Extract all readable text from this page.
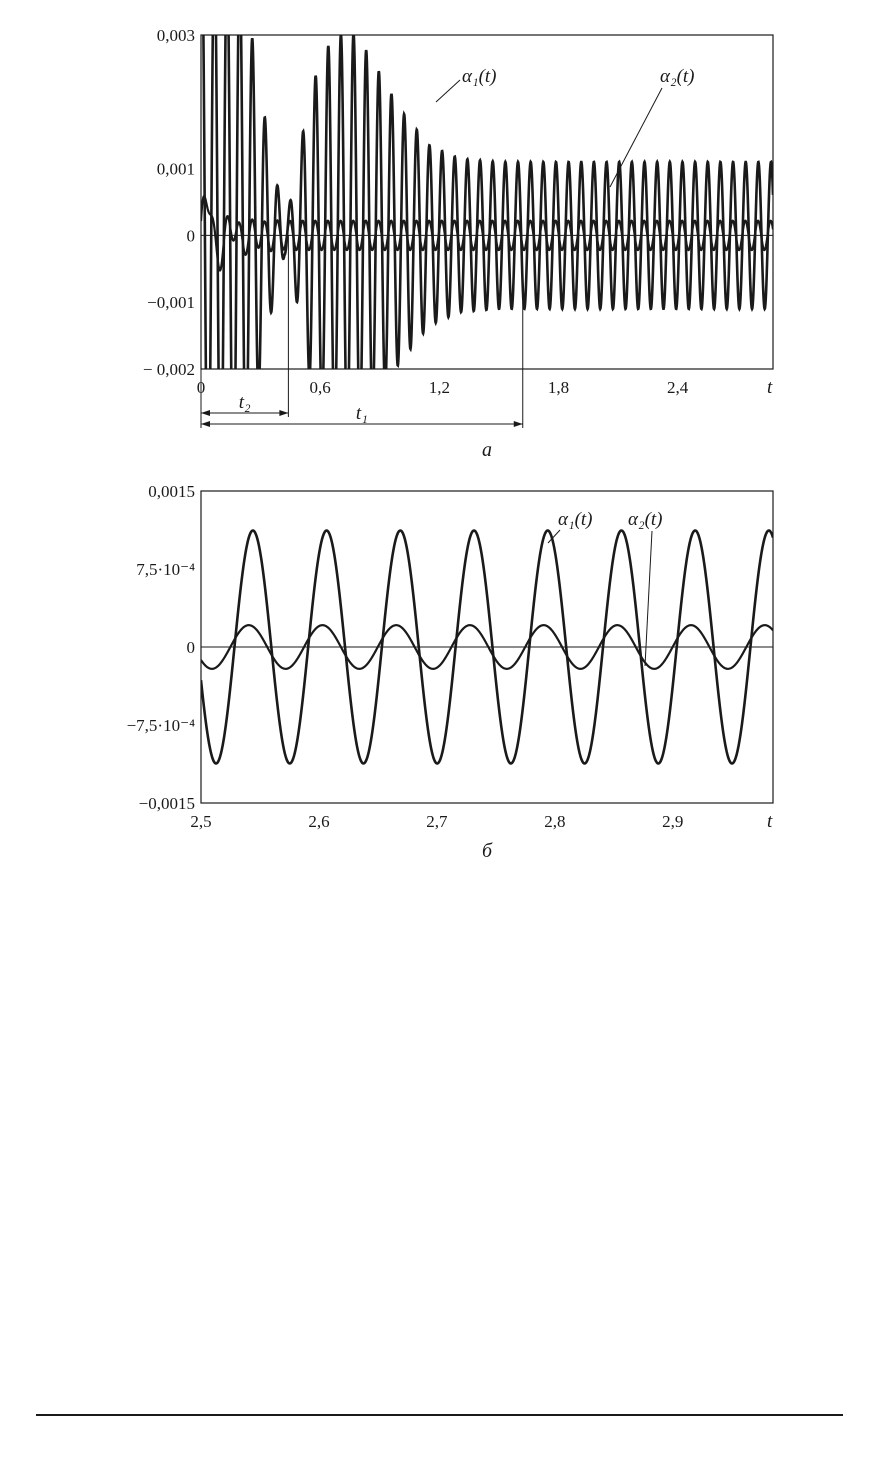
0,003
0,001
0
−0,001
− 0,002
0	0,6	1,2	1,8	2,4
t₂
t₁
α₁(t)	α₂(t)
t
а
0,0015
7,5·10⁻⁴
0
−7,5·10⁻⁴
−0,0015
2,5	2,6	2,7	2,8	2,9
α₁(t) α₂(t)
t
б
